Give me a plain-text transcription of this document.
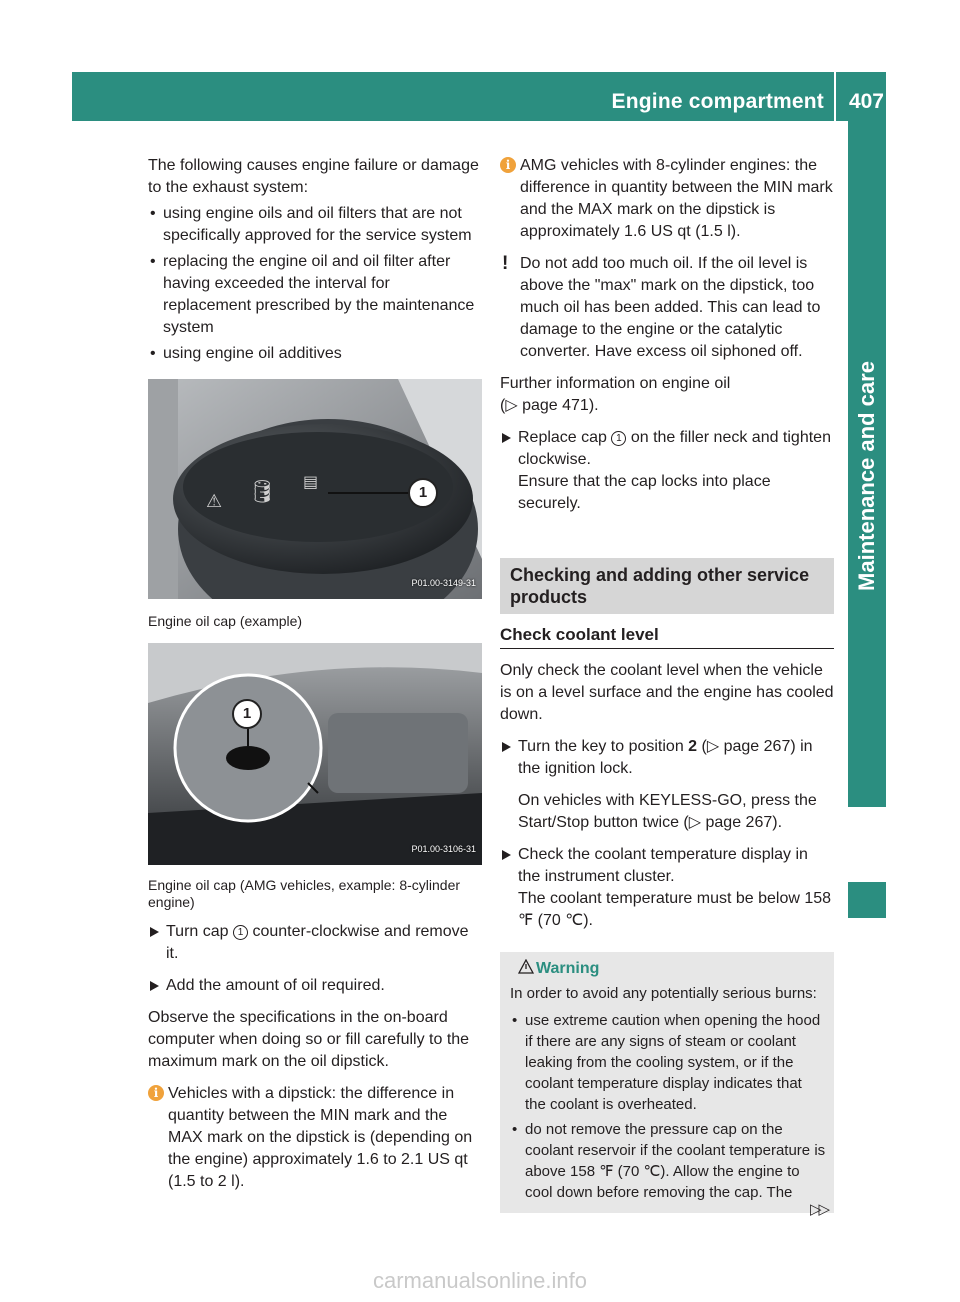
Engine compartment 407
Maintenance and care

The following causes engine failure or damage to the exhaust system:

• using engine oils and oil filters that are not specifically approved for the service system

• replacing the engine oil and oil filter after having exceeded the interval for replacement prescribed by the maintenance system

• using engine oil additives

⚠ 🛢 ▤
1
P01.00-3149-31

Engine oil cap (example)

1
P01.00-3106-31

Engine oil cap (AMG vehicles, example: 8-cylinder engine)

Turn cap 1 counter-clockwise and remove it.

Add the amount of oil required.

Observe the specifications in the on-board computer when doing so or fill carefully to the maximum mark on the oil dipstick.

i Vehicles with a dipstick: the difference in quantity between the MIN mark and the MAX mark on the dipstick is (depending on the engine) approximately 1.6 to 2.1 US qt (1.5 to 2 l).

i AMG vehicles with 8-cylinder engines: the difference in quantity between the MIN mark and the MAX mark on the dipstick is approximately 1.6 US qt (1.5 l).

! Do not add too much oil. If the oil level is above the "max" mark on the dipstick, too much oil has been added. This can lead to damage to the engine or the catalytic converter. Have excess oil siphoned off.

Further information on engine oil
(▷ page 471).

Replace cap 1 on the filler neck and tighten clockwise.
Ensure that the cap locks into place securely.

Checking and adding other service products
Check coolant level

Only check the coolant level when the vehicle is on a level surface and the engine has cooled down.

Turn the key to position 2 (▷ page 267) in the ignition lock.

On vehicles with KEYLESS-GO, press the Start/Stop button twice (▷ page 267).

Check the coolant temperature display in the instrument cluster.
The coolant temperature must be below 158 ℉ (70 ℃).

Warning

In order to avoid any potentially serious burns:

• use extreme caution when opening the hood if there are any signs of steam or coolant leaking from the cooling system, or if the coolant temperature display indicates that the coolant is overheated.

• do not remove the pressure cap on the coolant reservoir if the coolant temperature is above 158 ℉ (70 ℃). Allow the engine to cool down before removing the cap. The

▷▷
carmanualsonline.info
